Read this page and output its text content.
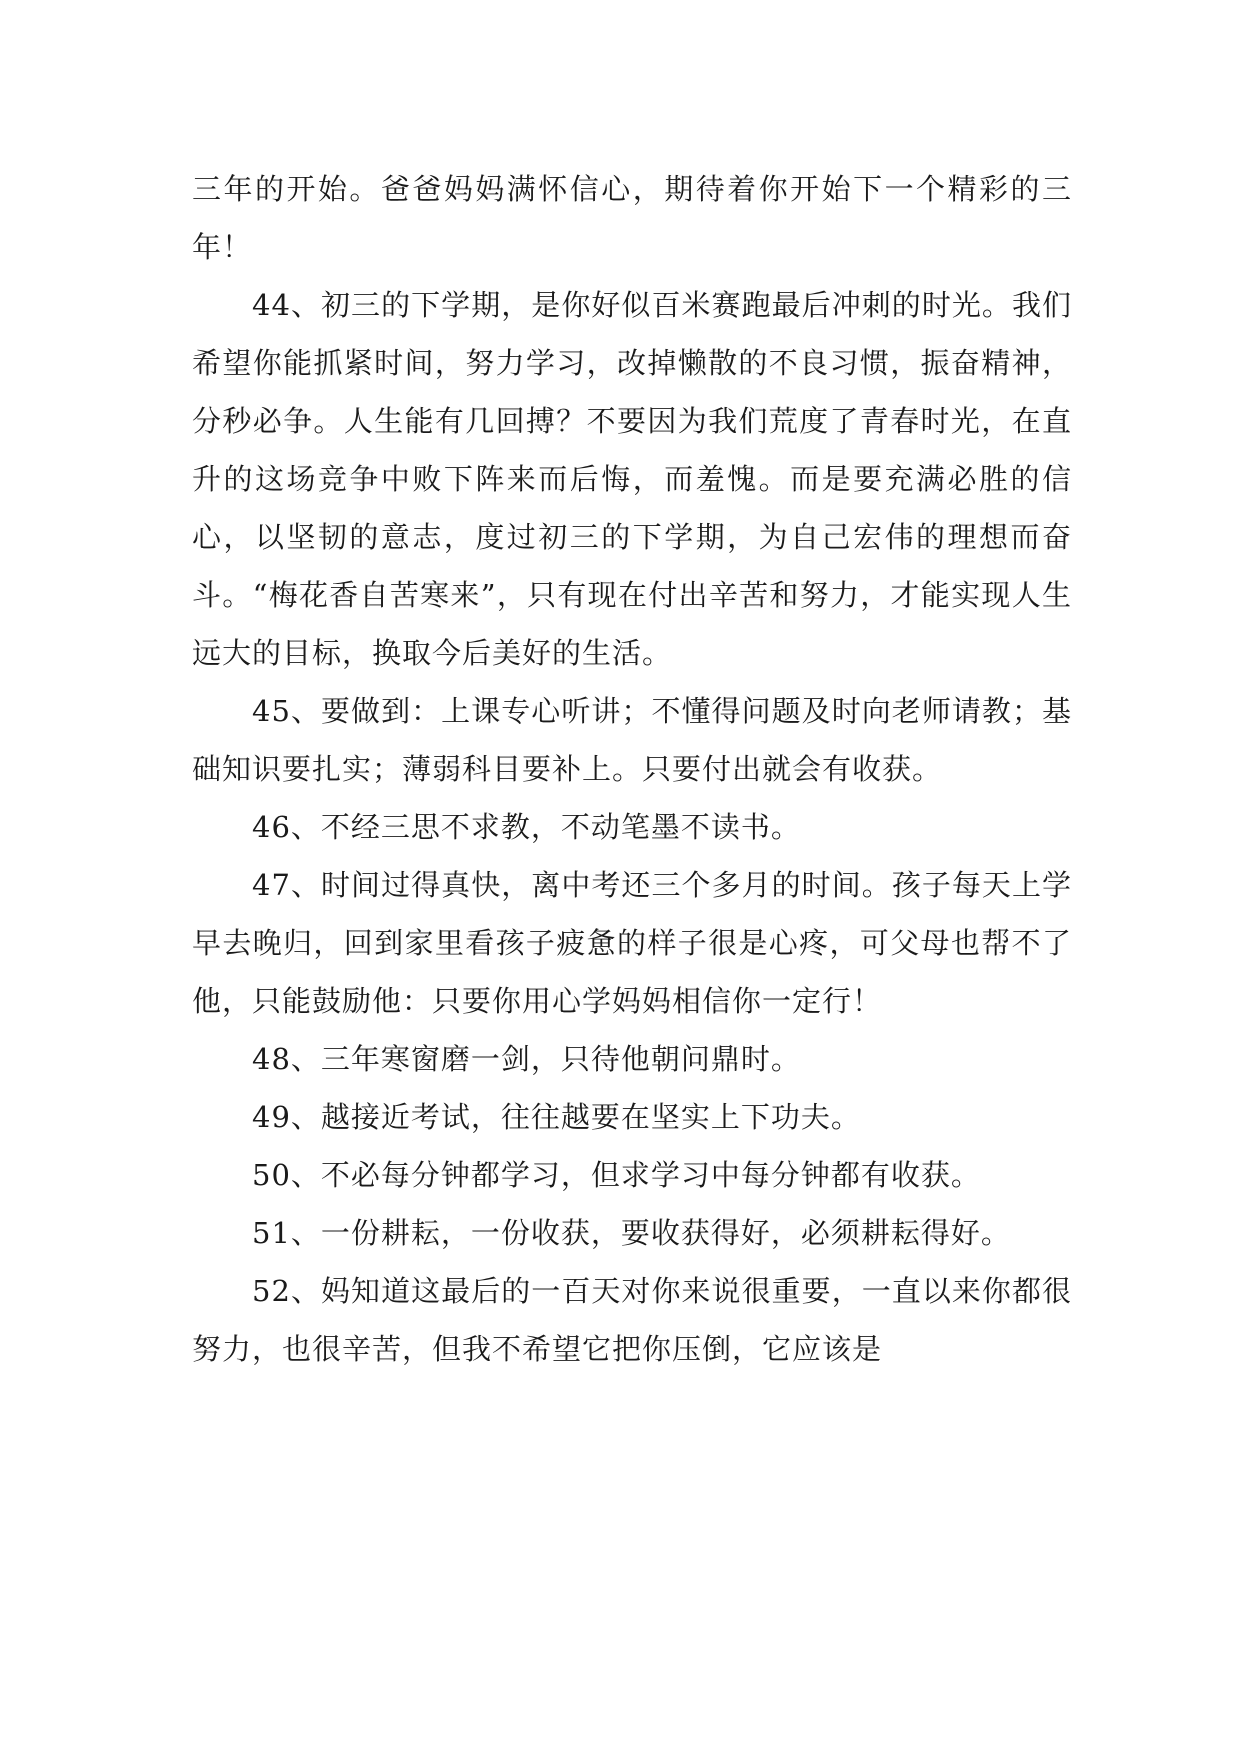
三年的开始。爸爸妈妈满怀信心，期待着你开始下一个精彩的三年！

44、初三的下学期，是你好似百米赛跑最后冲刺的时光。我们希望你能抓紧时间，努力学习，改掉懒散的不良习惯，振奋精神，分秒必争。人生能有几回搏？不要因为我们荒度了青春时光，在直升的这场竞争中败下阵来而后悔，而羞愧。而是要充满必胜的信心，以坚韧的意志，度过初三的下学期，为自己宏伟的理想而奋斗。“梅花香自苦寒来”，只有现在付出辛苦和努力，才能实现人生远大的目标，换取今后美好的生活。

45、要做到：上课专心听讲；不懂得问题及时向老师请教；基础知识要扎实；薄弱科目要补上。只要付出就会有收获。

46、不经三思不求教，不动笔墨不读书。

47、时间过得真快，离中考还三个多月的时间。孩子每天上学早去晚归，回到家里看孩子疲惫的样子很是心疼，可父母也帮不了他，只能鼓励他：只要你用心学妈妈相信你一定行！

48、三年寒窗磨一剑，只待他朝问鼎时。

49、越接近考试，往往越要在坚实上下功夫。

50、不必每分钟都学习，但求学习中每分钟都有收获。

51、一份耕耘，一份收获，要收获得好，必须耕耘得好。

52、妈知道这最后的一百天对你来说很重要，一直以来你都很努力，也很辛苦，但我不希望它把你压倒，它应该是
